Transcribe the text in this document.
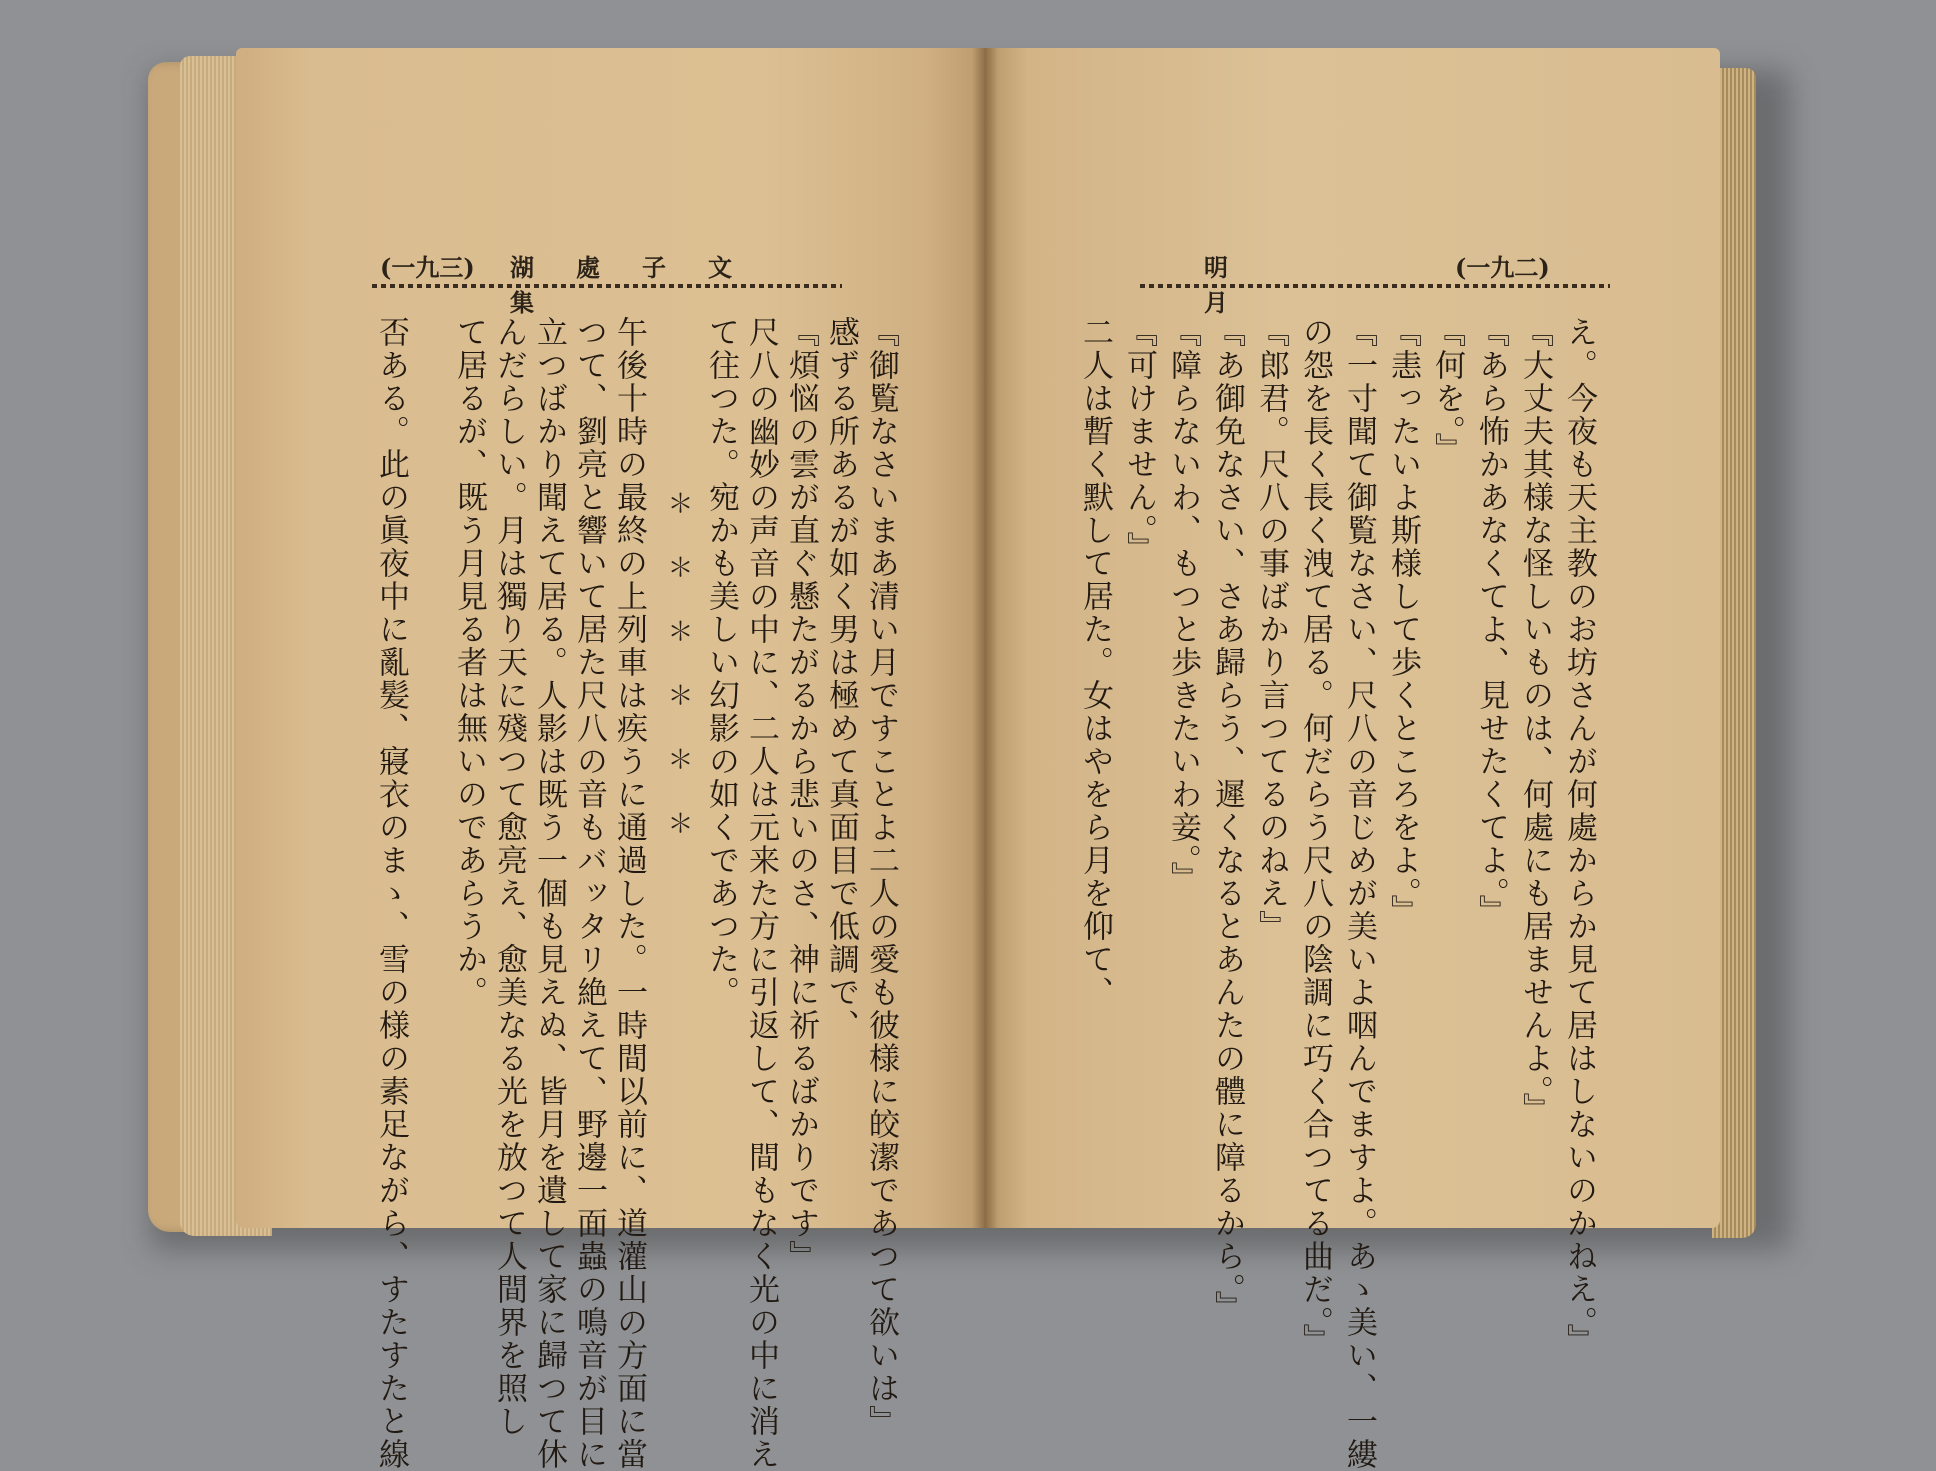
(一九三) 湖處子文集
明月
(一九二)
『御覧なさいまあ清い月ですことよ二人の愛も彼様に皎潔であつて欲いは』
感ずる所あるが如く男は極めて真面目で低調で、
『煩悩の雲が直ぐ懸たがるから悲いのさ、神に祈るばかりです』
尺八の幽妙の声音の中に、二人は元来た方に引返して、間もなく光の中に消え
て往つた。宛かも美しい幻影の如くであつた。
＊　＊　＊　＊　＊　＊
午後十時の最終の上列車は疾うに通過した。一時間以前に、道灌山の方面に當
つて、劉亮と響いて居た尺八の音もバッタリ絶えて、野邊一面蟲の鳴音が目に
立つばかり聞えて居る。人影は既う一個も見えぬ、皆月を遺して家に歸つて休
んだらしい。月は獨り天に殘つて愈亮え、愈美なる光を放つて人間界を照し
て居るが、既う月見る者は無いのであらうか。
否ある。此の眞夜中に亂髪、寢衣のまゝ、雪の様の素足ながら、すたすたと線	え。今夜も天主教のお坊さんが何處からか見て居はしないのかねえ。』
『大丈夫其様な怪しいものは、何處にも居ませんよ。』
『あら怖かあなくてよ、見せたくてよ。』
『何を。』
『恚ったいよ斯様して歩くところをよ。』
『一寸聞て御覧なさい、尺八の音じめが美いよ咽んでますよ。あゝ美い、一縷
の怨を長く長く洩て居る。何だらう尺八の陰調に巧く合つてる曲だ。』
『郎君。尺八の事ばかり言つてるのねえ』
『あ御免なさい、さあ歸らう、遲くなるとあんたの體に障るから。』
『障らないわ、もつと歩きたいわ妾。』
『可けません。』
二人は暫く默して居た。女はやをら月を仰て、
